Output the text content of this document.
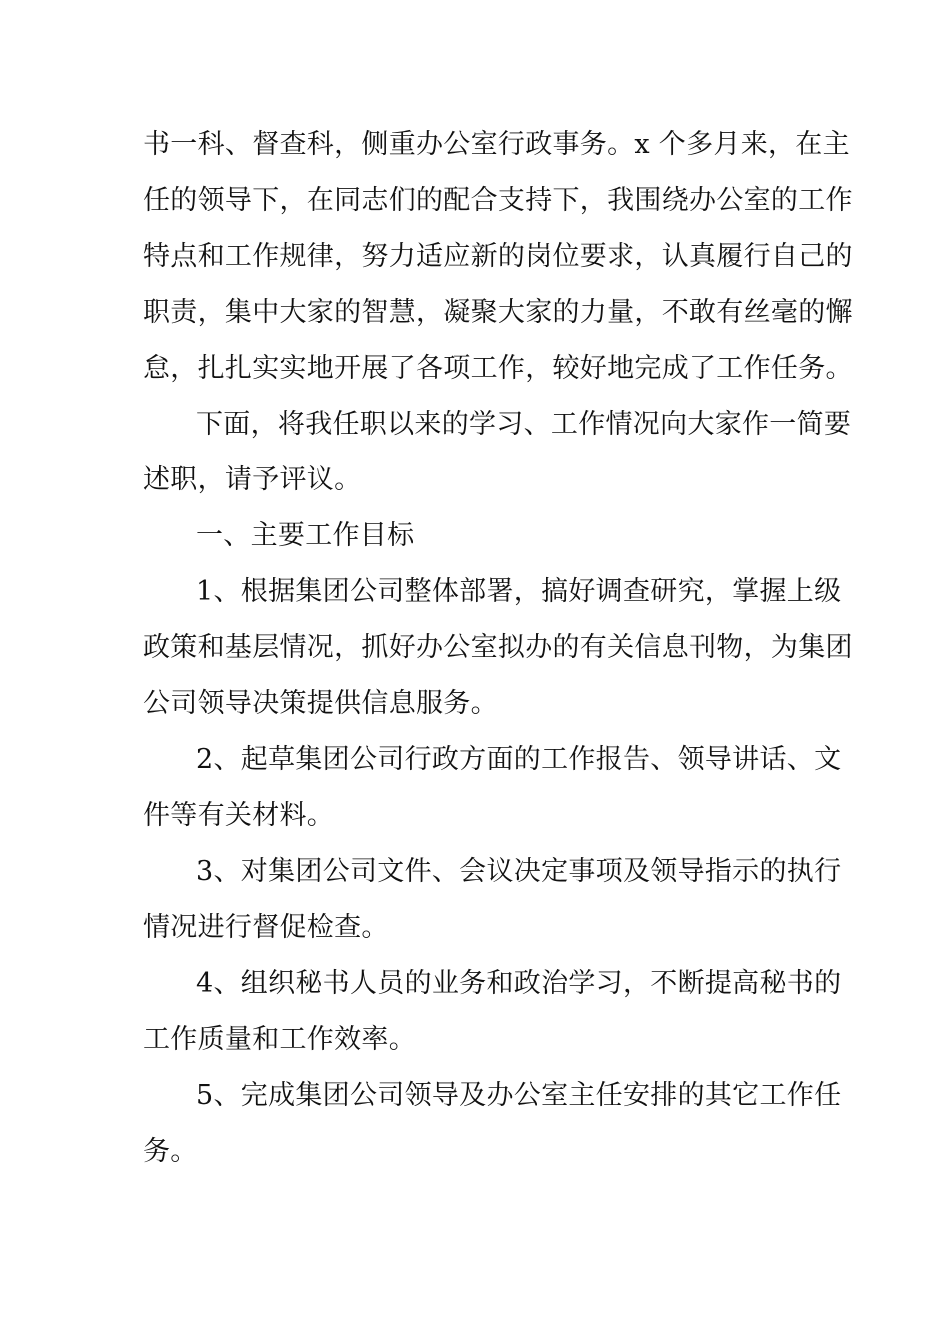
书一科、督查科，侧重办公室行政事务。x 个多月来，在主
任的领导下，在同志们的配合支持下，我围绕办公室的工作
特点和工作规律，努力适应新的岗位要求，认真履行自己的
职责，集中大家的智慧，凝聚大家的力量，不敢有丝毫的懈
怠，扎扎实实地开展了各项工作，较好地完成了工作任务。
下面，将我任职以来的学习、工作情况向大家作一简要
述职，请予评议。
一、主要工作目标
1、根据集团公司整体部署，搞好调查研究，掌握上级
政策和基层情况，抓好办公室拟办的有关信息刊物，为集团
公司领导决策提供信息服务。
2、起草集团公司行政方面的工作报告、领导讲话、文
件等有关材料。
3、对集团公司文件、会议决定事项及领导指示的执行
情况进行督促检查。
4、组织秘书人员的业务和政治学习，不断提高秘书的
工作质量和工作效率。
5、完成集团公司领导及办公室主任安排的其它工作任
务。
